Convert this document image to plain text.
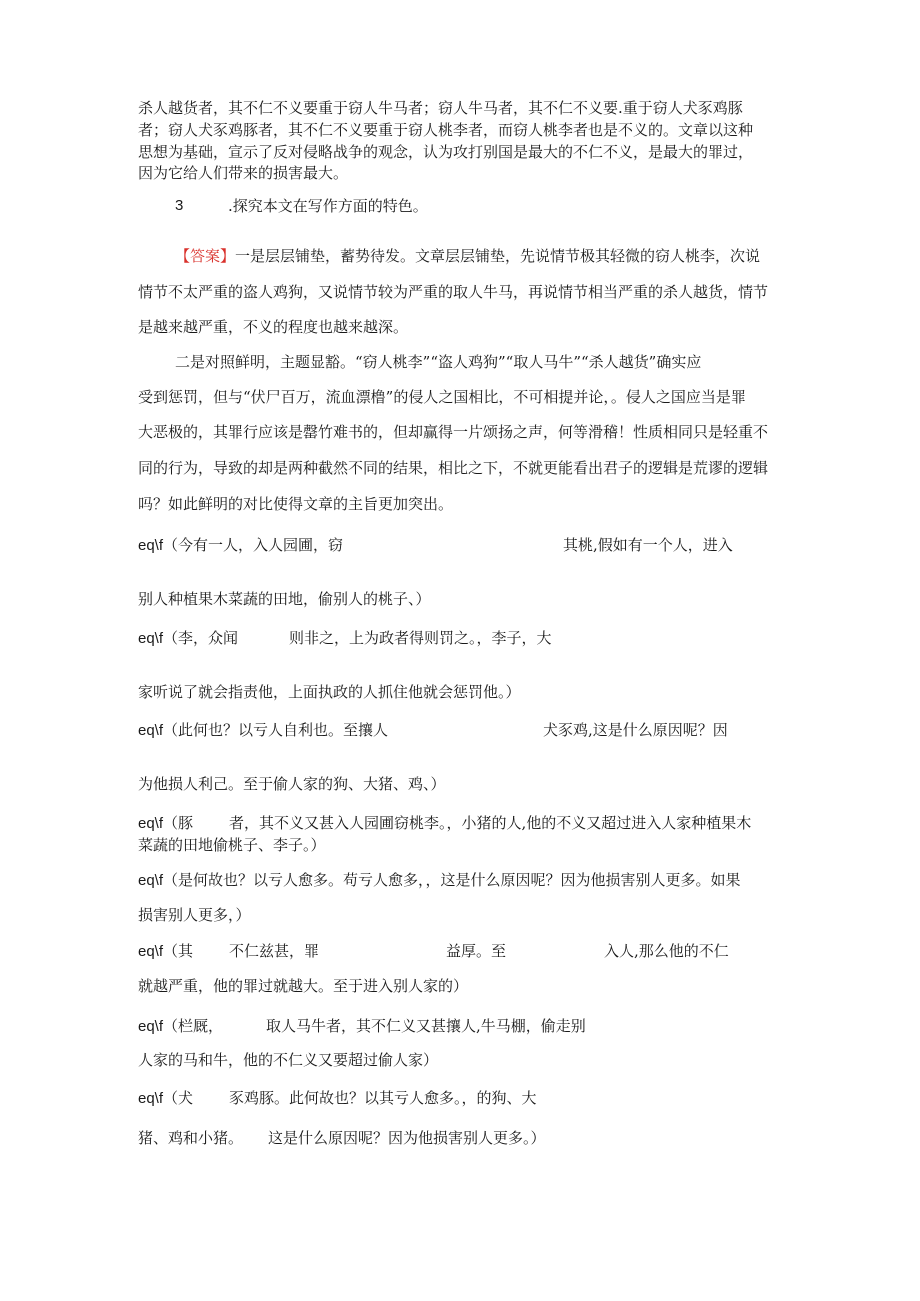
杀人越货者，其不仁不义要重于窃人牛马者；窃人牛马者，其不仁不义要.重于窃人犬豕鸡豚
者；窃人犬豕鸡豚者，其不仁不义要重于窃人桃李者，而窃人桃李者也是不义的。文章以这种
思想为基础，宣示了反对侵略战争的观念，认为攻打别国是最大的不仁不义，是最大的罪过，
因为它给人们带来的损害最大。
3	.探究本文在写作方面的特色。
【答案】一是层层铺垫，蓄势待发。文章层层铺垫，先说情节极其轻微的窃人桃李，次说
情节不太严重的盗人鸡狗，又说情节较为严重的取人牛马，再说情节相当严重的杀人越货，情节
是越来越严重，不义的程度也越来越深。
二是对照鲜明，主题显豁。“窃人桃李”“盗人鸡狗”“取人马牛”“杀人越货”确实应
受到惩罚，但与“伏尸百万，流血漂橹”的侵人之国相比，不可相提并论，。侵人之国应当是罪
大恶极的，其罪行应该是罄竹难书的，但却赢得一片颂扬之声，何等滑稽！性质相同只是轻重不
同的行为，导致的却是两种截然不同的结果，相比之下，不就更能看出君子的逻辑是荒谬的逻辑
吗？如此鲜明的对比使得文章的主旨更加突出。
eq\f（今有一人，入人园圃，窃	其桃,假如有一个人，进入
别人种植果木菜蔬的田地，偷别人的桃子、）
eq\f（李，众闻	则非之，上为政者得则罚之。，李子，大
家听说了就会指责他，上面执政的人抓住他就会惩罚他。）
eq\f（此何也？以亏人自利也。至攘人	犬豕鸡,这是什么原因呢？因
为他损人利己。至于偷人家的狗、大猪、鸡、）
eq\f（豚 者，其不义又甚入人园圃窃桃李。，小猪的人,他的不义又超过进入人家种植果木
菜蔬的田地偷桃子、李子。）
eq\f（是何故也？以亏人愈多。苟亏人愈多，，这是什么原因呢？因为他损害别人更多。如果
损害别人更多，）
eq\f（其 不仁兹甚，罪	益厚。至	入人,那么他的不仁
就越严重，他的罪过就越大。至于进入别人家的）
eq\f（栏厩，	取人马牛者，其不仁义又甚攘人,牛马棚，偷走别
人家的马和牛，他的不仁义又要超过偷人家）
eq\f（犬 豕鸡豚。此何故也？以其亏人愈多。，的狗、大
猪、鸡和小猪。 这是什么原因呢？因为他损害别人更多。）
